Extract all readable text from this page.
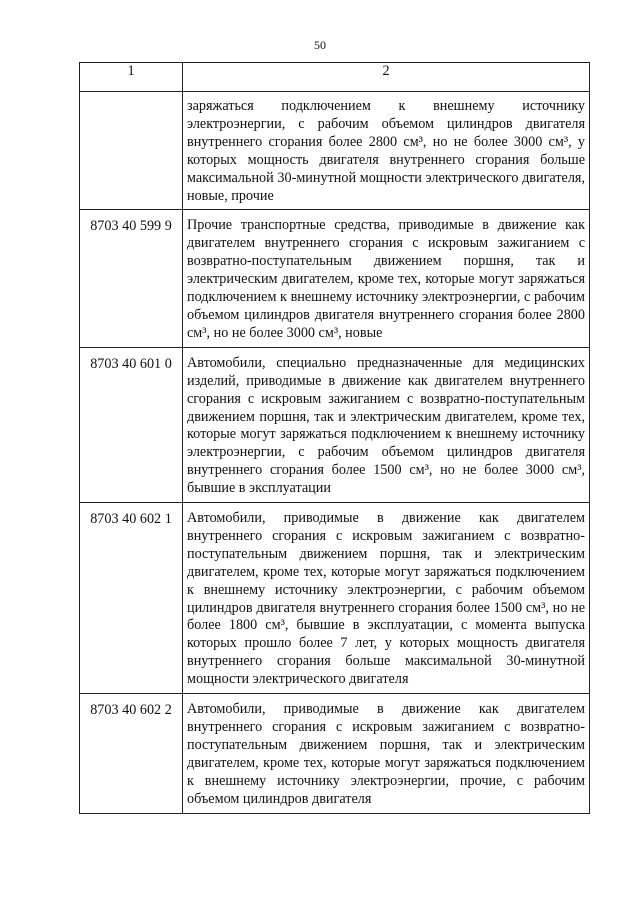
50
1	2
	заряжаться подключением к внешнему источнику электроэнергии, с рабочим объемом цилиндров двигателя внутреннего сгорания более 2800 см³, но не более 3000 см³, у которых мощность двигателя внутреннего сгорания больше максимальной 30-минутной мощности электрического двигателя, новые, прочие
8703 40 599 9	Прочие транспортные средства, приводимые в движение как двигателем внутреннего сгорания с искровым зажиганием с возвратно-поступательным движением поршня, так и электрическим двигателем, кроме тех, которые могут заряжаться подключением к внешнему источнику электроэнергии, с рабочим объемом цилиндров двигателя внутреннего сгорания более 2800 см³, но не более 3000 см³, новые
8703 40 601 0	Автомобили, специально предназначенные для медицинских изделий, приводимые в движение как двигателем внутреннего сгорания с искровым зажиганием с возвратно-поступательным движением поршня, так и электрическим двигателем, кроме тех, которые могут заряжаться подключением к внешнему источнику электроэнергии, с рабочим объемом цилиндров двигателя внутреннего сгорания более 1500 см³, но не более 3000 см³, бывшие в эксплуатации
8703 40 602 1	Автомобили, приводимые в движение как двигателем внутреннего сгорания с искровым зажиганием с возвратно-поступательным движением поршня, так и электрическим двигателем, кроме тех, которые могут заряжаться подключением к внешнему источнику электроэнергии, с рабочим объемом цилиндров двигателя внутреннего сгорания более 1500 см³, но не более 1800 см³, бывшие в эксплуатации, с момента выпуска которых прошло более 7 лет, у которых мощность двигателя внутреннего сгорания больше максимальной 30-минутной мощности электрического двигателя
8703 40 602 2	Автомобили, приводимые в движение как двигателем внутреннего сгорания с искровым зажиганием с возвратно-поступательным движением поршня, так и электрическим двигателем, кроме тех, которые могут заряжаться подключением к внешнему источнику электроэнергии, прочие, с рабочим объемом цилиндров двигателя
